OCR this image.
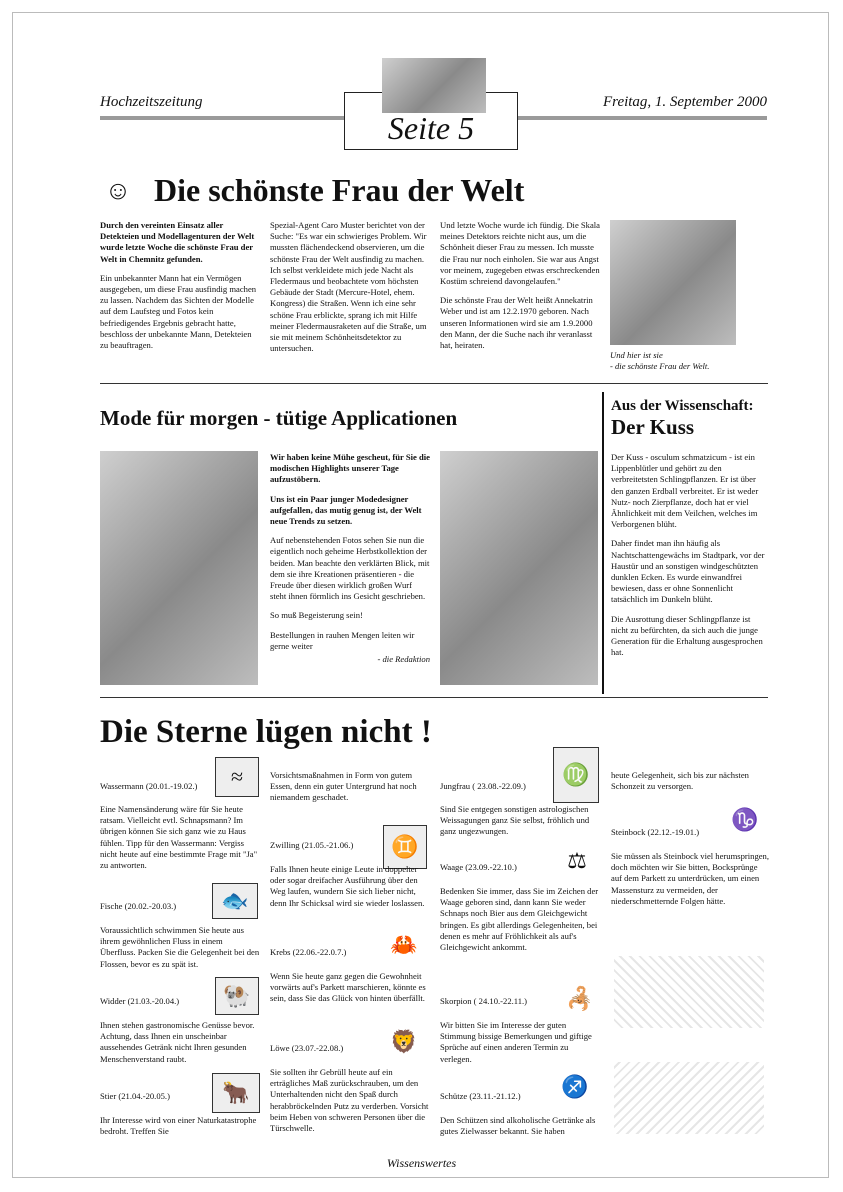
Hochzeitszeitung	Freitag, 1. September 2000
Seite 5
☺ Die schönste Frau der Welt

Durch den vereinten Einsatz aller Detekteien und Modellagenturen der Welt wurde letzte Woche die schönste Frau der Welt in Chemnitz gefunden.

Ein unbekannter Mann hat ein Vermögen ausgegeben, um diese Frau ausfindig machen zu lassen. Nachdem das Sichten der Modelle auf dem Laufsteg und Fotos kein befriedigendes Ergebnis gebracht hatte, beschloss der unbekannte Mann, Detekteien zu beauftragen.

Spezial-Agent Caro Muster berichtet von der Suche: "Es war ein schwieriges Problem. Wir mussten flächendeckend observieren, um die schönste Frau der Welt ausfindig zu machen. Ich selbst verkleidete mich jede Nacht als Fledermaus und beobachtete vom höchsten Gebäude der Stadt (Mercure-Hotel, ehem. Kongress) die Straßen. Wenn ich eine sehr schöne Frau erblickte, sprang ich mit Hilfe meiner Fledermausraketen auf die Straße, um sie mit meinem Schönheitsdetektor zu untersuchen.

Und letzte Woche wurde ich fündig. Die Skala meines Detektors reichte nicht aus, um die Schönheit dieser Frau zu messen. Ich musste die Frau nur noch einholen. Sie war aus Angst vor meinem, zugegeben etwas erschreckenden Kostüm schreiend davongelaufen."

Die schönste Frau der Welt heißt Annekatrin Weber und ist am 12.2.1970 geboren. Nach unseren Informationen wird sie am 1.9.2000 den Mann, der die Suche nach ihr veranlasst hat, heiraten.

Und hier ist sie
- die schönste Frau der Welt.
Mode für morgen - tütige Applicationen

Wir haben keine Mühe gescheut, für Sie die modischen Highlights unserer Tage aufzustöbern.

Uns ist ein Paar junger Modedesigner aufgefallen, das mutig genug ist, der Welt neue Trends zu setzen.

Auf nebenstehenden Fotos sehen Sie nun die eigentlich noch geheime Herbstkollektion der beiden. Man beachte den verklärten Blick, mit dem sie ihre Kreationen präsentieren - die Freude über diesen wirklich großen Wurf steht ihnen förmlich ins Gesicht geschrieben.

So muß Begeisterung sein!

Bestellungen in rauhen Mengen leiten wir gerne weiter

- die Redaktion

Aus der Wissenschaft:
Der Kuss

Der Kuss - osculum schmatzicum - ist ein Lippenblütler und gehört zu den verbreitetsten Schlingpflanzen. Er ist über den ganzen Erdball verbreitet. Er ist weder Nutz- noch Zierpflanze, doch hat er viel Ähnlichkeit mit dem Veilchen, welches im Verborgenen blüht.

Daher findet man ihn häufig als Nachtschattengewächs im Stadtpark, vor der Haustür und an sonstigen windgeschützten dunklen Ecken. Es wurde einwandfrei bewiesen, dass er ohne Sonnenlicht tatsächlich im Dunkeln blüht.

Die Ausrottung dieser Schlingpflanze ist nicht zu befürchten, da sich auch die junge Generation für die Erhaltung ausgesprochen hat.

Die Sterne lügen nicht !
Wassermann (20.01.-19.02.)	≈
Eine Namensänderung wäre für Sie heute ratsam. Vielleicht evtl. Schnapsmann? Im übrigen können Sie sich ganz wie zu Haus fühlen. Tipp für den Wassermann: Vergiss nicht heute auf eine bestimmte Frage mit "Ja" zu antworten.
Fische (20.02.-20.03.)	🐟
Voraussichtlich schwimmen Sie heute aus ihrem gewöhnlichen Fluss in einem Überfluss. Packen Sie die Gelegenheit bei den Flossen, bevor es zu spät ist.
Widder (21.03.-20.04.)	🐏
Ihnen stehen gastronomische Genüsse bevor. Achtung, dass Ihnen ein unscheinbar aussehendes Getränk nicht Ihren gesunden Menschenverstand raubt.
Stier (21.04.-20.05.)	🐂
Ihr Interesse wird von einer Naturkatastrophe bedroht. Treffen Sie
Vorsichtsmaßnahmen in Form von gutem Essen, denn ein guter Untergrund hat noch niemandem geschadet.
Zwilling (21.05.-21.06.)	♊
Falls Ihnen heute einige Leute in doppelter oder sogar dreifacher Ausführung über den Weg laufen, wundern Sie sich lieber nicht, denn Ihr Schicksal wird sie wieder loslassen.
Krebs (22.06.-22.0.7.)	🦀
Wenn Sie heute ganz gegen die Gewohnheit vorwärts auf's Parkett marschieren, könnte es sein, dass Sie das Glück von hinten überfällt.
Löwe (23.07.-22.08.)	🦁
Sie sollten ihr Gebrüll heute auf ein erträgliches Maß zurückschrauben, um den Unterhaltenden nicht den Spaß durch herabbröckelnden Putz zu verderben. Vorsicht beim Heben von schweren Personen über die Türschwelle.
Jungfrau ( 23.08.-22.09.)	♍
Sind Sie entgegen sonstigen astrologischen Weissagungen ganz Sie selbst, fröhlich und ganz ungezwungen.
Waage (23.09.-22.10.)	⚖
Bedenken Sie immer, dass Sie im Zeichen der Waage geboren sind, dann kann Sie weder Schnaps noch Bier aus dem Gleichgewicht bringen. Es gibt allerdings Gelegenheiten, bei denen es mehr auf Fröhlichkeit als auf's Gleichgewicht ankommt.
Skorpion ( 24.10.-22.11.) 🦂
Wir bitten Sie im Interesse der guten Stimmung bissige Bemerkungen und giftige Sprüche auf einen anderen Termin zu verlegen.
Schütze (23.11.-21.12.)	♐
Den Schützen sind alkoholische Getränke als gutes Zielwasser bekannt. Sie haben
heute Gelegenheit, sich bis zur nächsten Schonzeit zu versorgen.
Steinbock (22.12.-19.01.)	♑
Sie müssen als Steinbock viel herumspringen, doch möchten wir Sie bitten, Bocksprünge auf dem Parkett zu unterdrücken, um einen Massensturz zu vermeiden, der niederschmetternde Folgen hätte.
Wissenswertes
